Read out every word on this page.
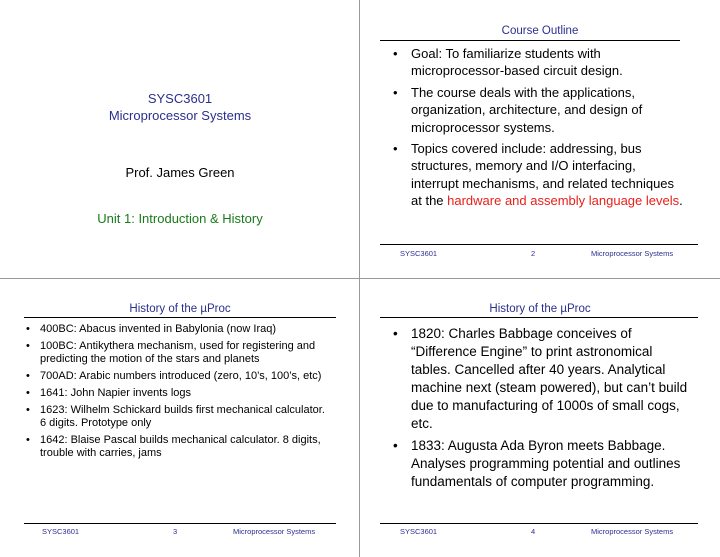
SYSC3601
Microprocessor Systems
Prof. James Green
Unit 1: Introduction & History
Course Outline
• Goal: To familiarize students with microprocessor-based circuit design.
• The course deals with the applications, organization, architecture, and design of microprocessor systems.
• Topics covered include: addressing, bus structures, memory and I/O interfacing, interrupt mechanisms, and related techniques at the hardware and assembly language levels.
SYSC3601	2	Microprocessor Systems
History of the µProc
• 400BC: Abacus invented in Babylonia (now Iraq)
• 100BC: Antikythera mechanism, used for registering and predicting the motion of the stars and planets
• 700AD: Arabic numbers introduced (zero, 10’s, 100’s, etc)
• 1641: John Napier invents logs
• 1623: Wilhelm Schickard builds first mechanical calculator. 6 digits. Prototype only
• 1642: Blaise Pascal builds mechanical calculator. 8 digits, trouble with carries, jams
SYSC3601	3	Microprocessor Systems
History of the µProc
• 1820: Charles Babbage conceives of “Difference Engine” to print astronomical tables. Cancelled after 40 years. Analytical machine next (steam powered), but can’t build due to manufacturing of 1000s of small cogs, etc.
• 1833: Augusta Ada Byron meets Babbage. Analyses programming potential and outlines fundamentals of computer programming.
SYSC3601	4	Microprocessor Systems
